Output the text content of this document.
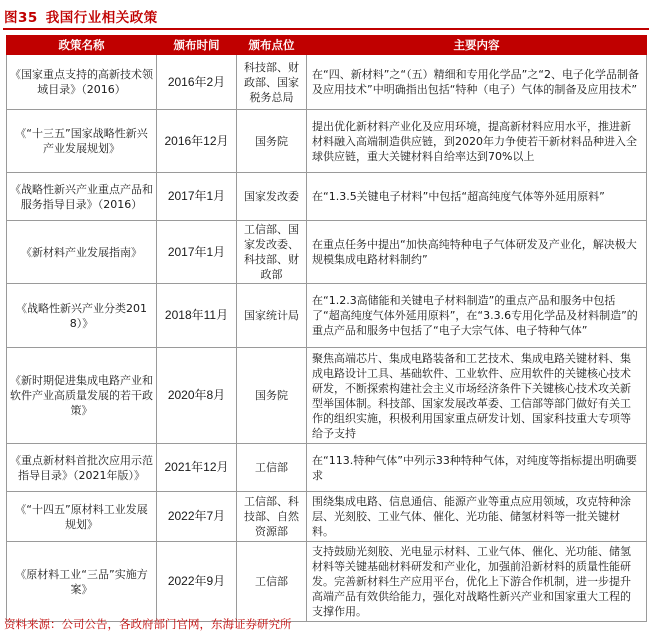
图35 我国行业相关政策
政策名称	颁布时间	颁布点位	主要内容
《国家重点支持的高新技术领域目录》（2016）	2016年2月	科技部、财政部、国家税务总局	在“四、新材料”之“（五）精细和专用化学品”之“2、电子化学品制备及应用技术”中明确指出包括“特种（电子）气体的制备及应用技术”
《“十三五”国家战略性新兴产业发展规划》	2016年12月	国务院	提出优化新材料产业化及应用环境，提高新材料应用水平，推进新材料融入高端制造供应链，到2020年力争使若干新材料品种进入全球供应链，重大关键材料自给率达到70%以上
《战略性新兴产业重点产品和服务指导目录》（2016）	2017年1月	国家发改委	在“1.3.5关键电子材料”中包括“超高纯度气体等外延用原料”
《新材料产业发展指南》	2017年1月	工信部、国家发改委、科技部、财政部	在重点任务中提出“加快高纯特种电子气体研发及产业化，解决极大规模集成电路材料制约”
《战略性新兴产业分类2018）》	2018年11月	国家统计局	在“1.2.3高储能和关键电子材料制造”的重点产品和服务中包括了“超高纯度气体外延用原料”，在“3.3.6专用化学品及材料制造”的重点产品和服务中包括了“电子大宗气体、电子特种气体”
《新时期促进集成电路产业和软件产业高质量发展的若干政策》	2020年8月	国务院	聚焦高端芯片、集成电路装备和工艺技术、集成电路关键材料、集成电路设计工具、基础软件、工业软件、应用软件的关键核心技术研发，不断探索构建社会主义市场经济条件下关键核心技术攻关新型举国体制。科技部、国家发展改革委、工信部等部门做好有关工作的组织实施，积极利用国家重点研发计划、国家科技重大专项等给予支持
《重点新材料首批次应用示范指导目录》（2021年版）》	2021年12月	工信部	在“113.特种气体”中列示33种特种气体，对纯度等指标提出明确要求
《“十四五”原材料工业发展规划》	2022年7月	工信部、科技部、自然资源部	围绕集成电路、信息通信、能源产业等重点应用领域，攻克特种涂层、光刻胶、工业气体、催化、光功能、储氢材料等一批关键材料。
《原材料工业“三品”实施方案》	2022年9月	工信部	支持鼓励光刻胶、光电显示材料、工业气体、催化、光功能、储氢材料等关键基础材料研发和产业化，加强前沿新材料的质量性能研发。完善新材料生产应用平台，优化上下游合作机制，进一步提升高端产品有效供给能力，强化对战略性新兴产业和国家重大工程的支撑作用。
资料来源：公司公告，各政府部门官网，东海证券研究所
